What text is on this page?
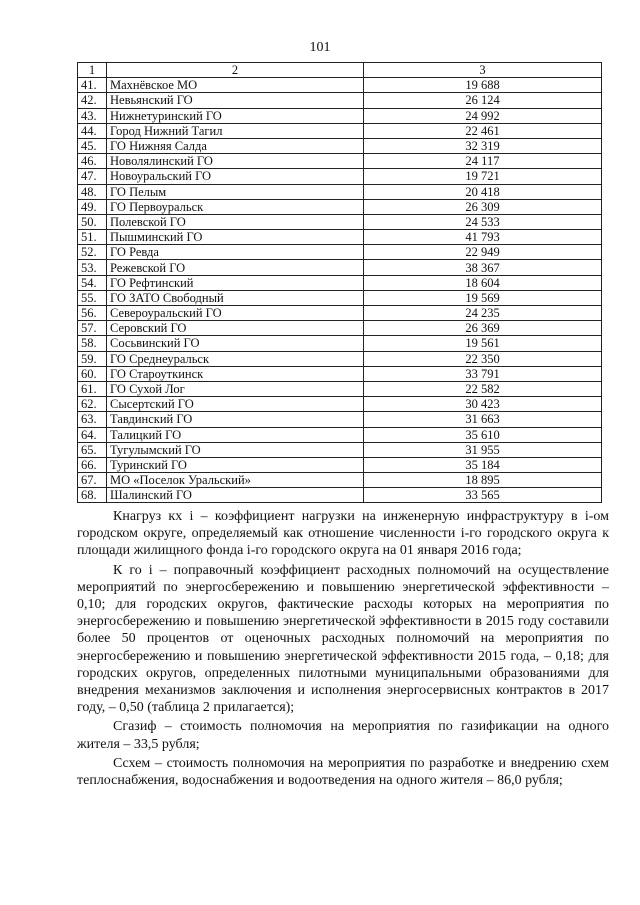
101
1	2	3
41.	Махнёвское МО	19 688
42.	Невьянский ГО	26 124
43.	Нижнетуринский ГО	24 992
44.	Город Нижний Тагил	22 461
45.	ГО Нижняя Салда	32 319
46.	Новолялинский ГО	24 117
47.	Новоуральский ГО	19 721
48.	ГО Пелым	20 418
49.	ГО Первоуральск	26 309
50.	Полевской ГО	24 533
51.	Пышминский ГО	41 793
52.	ГО Ревда	22 949
53.	Режевской ГО	38 367
54.	ГО Рефтинский	18 604
55.	ГО ЗАТО Свободный	19 569
56.	Североуральский ГО	24 235
57.	Серовский ГО	26 369
58.	Сосьвинский ГО	19 561
59.	ГО Среднеуральск	22 350
60.	ГО Староуткинск	33 791
61.	ГО Сухой Лог	22 582
62.	Сысертский ГО	30 423
63.	Тавдинский ГО	31 663
64.	Талицкий ГО	35 610
65.	Тугулымский ГО	31 955
66.	Туринский ГО	35 184
67.	МО «Поселок Уральский»	18 895
68.	Шалинский ГО	33 565

Кнагруз кх i – коэффициент нагрузки на инженерную инфраструктуру в i-ом городском округе, определяемый как отношение численности i-го городского округа к площади жилищного фонда i-го городского округа на 01 января 2016 года;

К го i – поправочный коэффициент расходных полномочий на осуществление мероприятий по энергосбережению и повышению энергетической эффективности – 0,10; для городских округов, фактические расходы которых на мероприятия по энергосбережению и повышению энергетической эффективности в 2015 году составили более 50 процентов от оценочных расходных полномочий на мероприятия по энергосбережению и повышению энергетической эффективности 2015 года, – 0,18; для городских округов, определенных пилотными муниципальными образованиями для внедрения механизмов заключения и исполнения энергосервисных контрактов в 2017 году, – 0,50 (таблица 2 прилагается);

Сгазиф – стоимость полномочия на мероприятия по газификации на одного жителя – 33,5 рубля;

Ссхем – стоимость полномочия на мероприятия по разработке и внедрению схем теплоснабжения, водоснабжения и водоотведения на одного жителя – 86,0 рубля;
